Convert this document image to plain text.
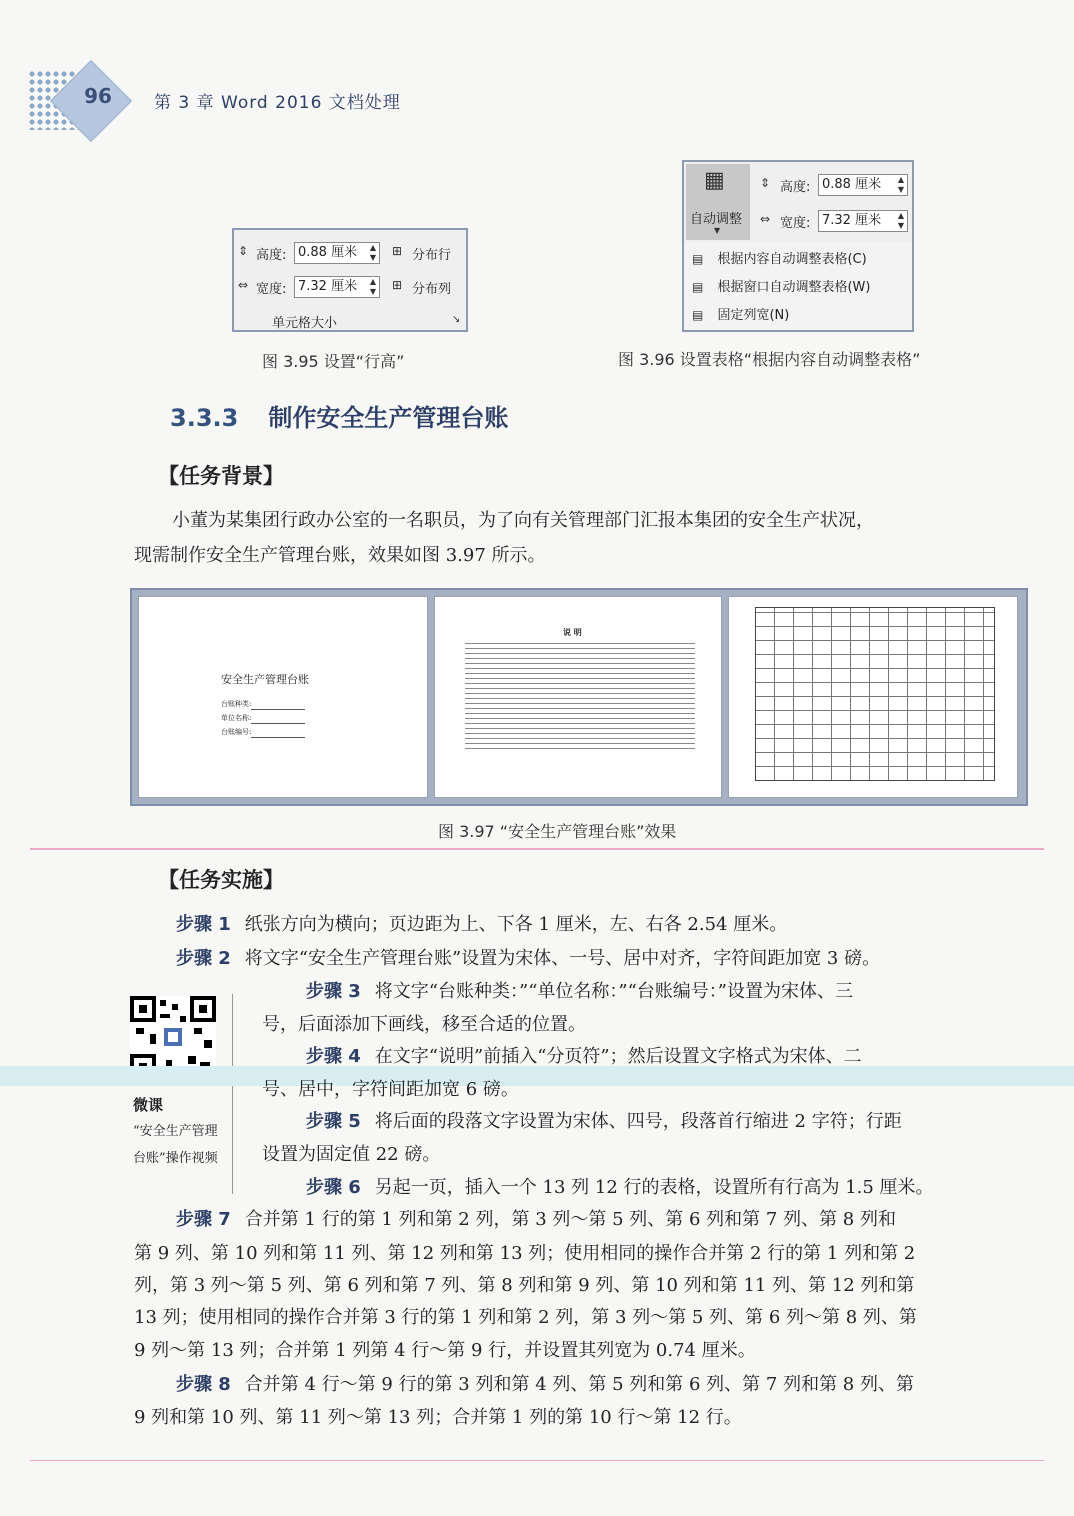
96	第 3 章 Word 2016 文档处理
⇕ 高度: 0.88 厘米 ▲
▼ ⊞ 分布行
⇔ 宽度: 7.32 厘米 ▲
▼ ⊞ 分布列
单元格大小	↘
图 3.95 设置“行高”
▦
自动调整
▼
⇕ 高度: 0.88 厘米 ▲
▼
⇔ 宽度: 7.32 厘米 ▲
▼
▤ 根据内容自动调整表格(C)
▤ 根据窗口自动调整表格(W)
▤ 固定列宽(N)
图 3.96 设置表格“根据内容自动调整表格”
3.3.3 制作安全生产管理台账
【任务背景】
小董为某集团行政办公室的一名职员，为了向有关管理部门汇报本集团的安全生产状况，
现需制作安全生产管理台账，效果如图 3.97 所示。
安全生产管理台账
台账种类:
单位名称:
台账编号:
说 明
图 3.97 “安全生产管理台账”效果
【任务实施】
步骤 1 纸张方向为横向；页边距为上、下各 1 厘米，左、右各 2.54 厘米。
步骤 2 将文字“安全生产管理台账”设置为宋体、一号、居中对齐，字符间距加宽 3 磅。
微课
“安全生产管理台账”操作视频
步骤 3 将文字“台账种类：”“单位名称：”“台账编号：”设置为宋体、三
号，后面添加下画线，移至合适的位置。
步骤 4 在文字“说明”前插入“分页符”；然后设置文字格式为宋体、二
号、居中，字符间距加宽 6 磅。
步骤 5 将后面的段落文字设置为宋体、四号，段落首行缩进 2 字符；行距
设置为固定值 22 磅。
步骤 6 另起一页，插入一个 13 列 12 行的表格，设置所有行高为 1.5 厘米。
步骤 7 合并第 1 行的第 1 列和第 2 列，第 3 列～第 5 列、第 6 列和第 7 列、第 8 列和
第 9 列、第 10 列和第 11 列、第 12 列和第 13 列；使用相同的操作合并第 2 行的第 1 列和第 2
列，第 3 列～第 5 列、第 6 列和第 7 列、第 8 列和第 9 列、第 10 列和第 11 列、第 12 列和第
13 列；使用相同的操作合并第 3 行的第 1 列和第 2 列，第 3 列～第 5 列、第 6 列～第 8 列、第
9 列～第 13 列；合并第 1 列第 4 行～第 9 行，并设置其列宽为 0.74 厘米。
步骤 8 合并第 4 行～第 9 行的第 3 列和第 4 列、第 5 列和第 6 列、第 7 列和第 8 列、第
9 列和第 10 列、第 11 列～第 13 列；合并第 1 列的第 10 行～第 12 行。
